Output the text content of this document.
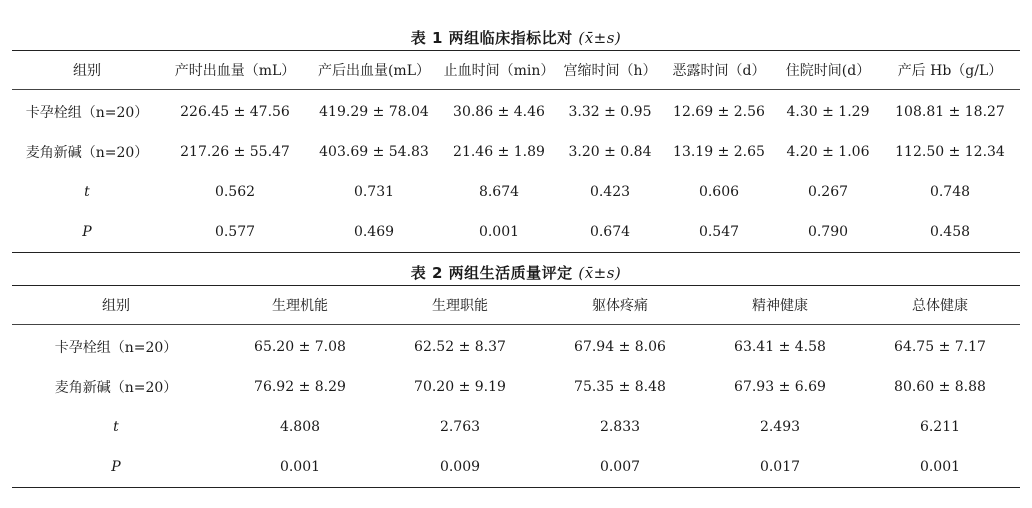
表 1 两组临床指标比对 (x̄±s)
组别	产时出血量（mL）	产后出血量(mL）	止血时间（min）	宫缩时间（h）	恶露时间（d）	住院时间(d）	产后 Hb（g/L）
卡孕栓组（n=20）	226.45 ± 47.56	419.29 ± 78.04	30.86 ± 4.46	3.32 ± 0.95	12.69 ± 2.56	4.30 ± 1.29	108.81 ± 18.27
麦角新碱（n=20）	217.26 ± 55.47	403.69 ± 54.83	21.46 ± 1.89	3.20 ± 0.84	13.19 ± 2.65	4.20 ± 1.06	112.50 ± 12.34
t	0.562	0.731	8.674	0.423	0.606	0.267	0.748
P	0.577	0.469	0.001	0.674	0.547	0.790	0.458
表 2 两组生活质量评定 (x̄±s)
组别	生理机能	生理职能	躯体疼痛	精神健康	总体健康
卡孕栓组（n=20）	65.20 ± 7.08	62.52 ± 8.37	67.94 ± 8.06	63.41 ± 4.58	64.75 ± 7.17
麦角新碱（n=20）	76.92 ± 8.29	70.20 ± 9.19	75.35 ± 8.48	67.93 ± 6.69	80.60 ± 8.88
t	4.808	2.763	2.833	2.493	6.211
P	0.001	0.009	0.007	0.017	0.001
